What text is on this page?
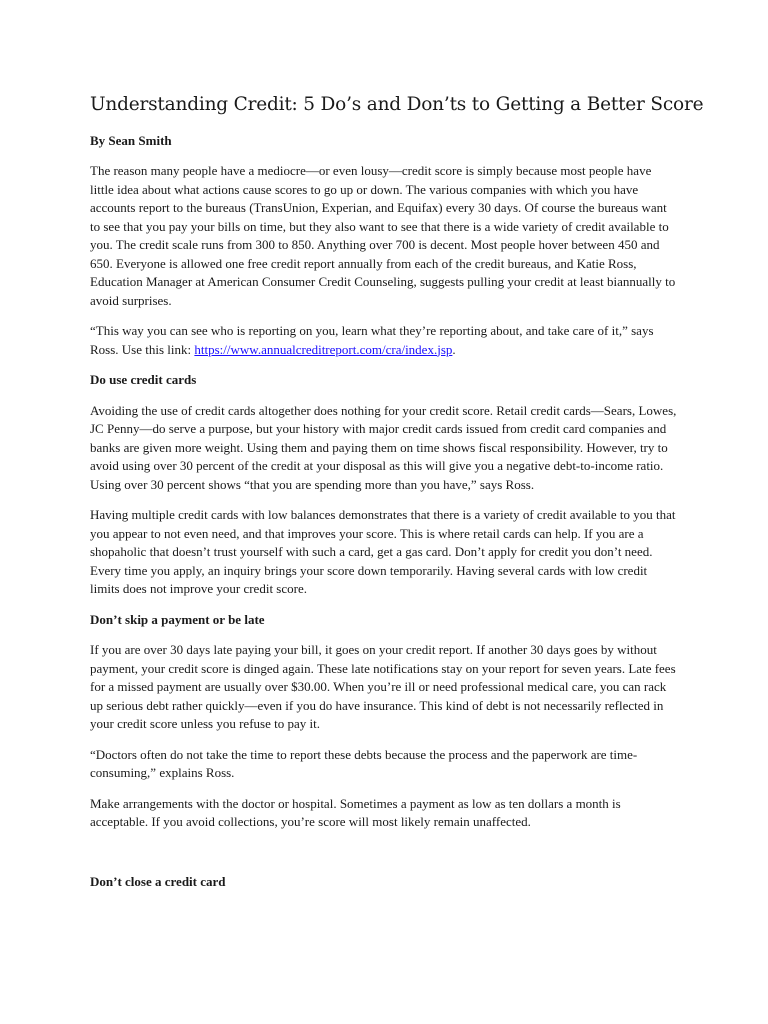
Understanding Credit: 5 Do’s and Don’ts to Getting a Better Score
By Sean Smith

The reason many people have a mediocre—or even lousy—credit score is simply because most people have little idea about what actions cause scores to go up or down. The various companies with which you have accounts report to the bureaus (TransUnion, Experian, and Equifax) every 30 days. Of course the bureaus want to see that you pay your bills on time, but they also want to see that there is a wide variety of credit available to you. The credit scale runs from 300 to 850. Anything over 700 is decent. Most people hover between 450 and 650. Everyone is allowed one free credit report annually from each of the credit bureaus, and Katie Ross, Education Manager at American Consumer Credit Counseling, suggests pulling your credit at least biannually to avoid surprises.

“This way you can see who is reporting on you, learn what they’re reporting about, and take care of it,” says Ross. Use this link: https://www.annualcreditreport.com/cra/index.jsp.

Do use credit cards

Avoiding the use of credit cards altogether does nothing for your credit score. Retail credit cards—Sears, Lowes, JC Penny—do serve a purpose, but your history with major credit cards issued from credit card companies and banks are given more weight. Using them and paying them on time shows fiscal responsibility. However, try to avoid using over 30 percent of the credit at your disposal as this will give you a negative debt-to-income ratio. Using over 30 percent shows “that you are spending more than you have,” says Ross.

Having multiple credit cards with low balances demonstrates that there is a variety of credit available to you that you appear to not even need, and that improves your score. This is where retail cards can help. If you are a shopaholic that doesn’t trust yourself with such a card, get a gas card. Don’t apply for credit you don’t need. Every time you apply, an inquiry brings your score down temporarily. Having several cards with low credit limits does not improve your credit score.

Don’t skip a payment or be late

If you are over 30 days late paying your bill, it goes on your credit report. If another 30 days goes by without payment, your credit score is dinged again. These late notifications stay on your report for seven years. Late fees for a missed payment are usually over $30.00. When you’re ill or need professional medical care, you can rack up serious debt rather quickly—even if you do have insurance. This kind of debt is not necessarily reflected in your credit score unless you refuse to pay it.

“Doctors often do not take the time to report these debts because the process and the paperwork are time-consuming,” explains Ross.

Make arrangements with the doctor or hospital. Sometimes a payment as low as ten dollars a month is acceptable. If you avoid collections, you’re score will most likely remain unaffected.

Don’t close a credit card
